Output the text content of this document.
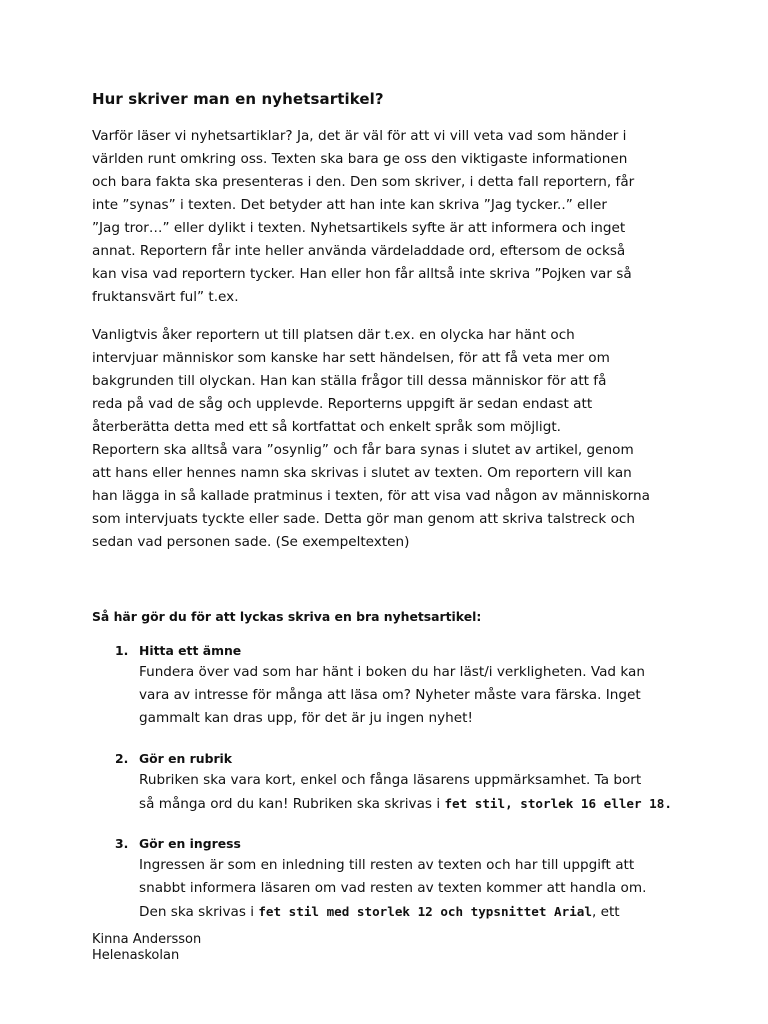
Hur skriver man en nyhetsartikel?

Varför läser vi nyhetsartiklar? Ja, det är väl för att vi vill veta vad som händer i
världen runt omkring oss. Texten ska bara ge oss den viktigaste informationen
och bara fakta ska presenteras i den. Den som skriver, i detta fall reportern, får
inte ”synas” i texten. Det betyder att han inte kan skriva ”Jag tycker..” eller
”Jag tror…” eller dylikt i texten. Nyhetsartikels syfte är att informera och inget
annat. Reportern får inte heller använda värdeladdade ord, eftersom de också
kan visa vad reportern tycker. Han eller hon får alltså inte skriva ”Pojken var så
fruktansvärt ful” t.ex.

Vanligtvis åker reportern ut till platsen där t.ex. en olycka har hänt och
intervjuar människor som kanske har sett händelsen, för att få veta mer om
bakgrunden till olyckan. Han kan ställa frågor till dessa människor för att få
reda på vad de såg och upplevde. Reporterns uppgift är sedan endast att
återberätta detta med ett så kortfattat och enkelt språk som möjligt.
Reportern ska alltså vara ”osynlig” och får bara synas i slutet av artikel, genom
att hans eller hennes namn ska skrivas i slutet av texten. Om reportern vill kan
han lägga in så kallade pratminus i texten, för att visa vad någon av människorna
som intervjuats tyckte eller sade. Detta gör man genom att skriva talstreck och
sedan vad personen sade. (Se exempeltexten)

Så här gör du för att lyckas skriva en bra nyhetsartikel:
1. Hitta ett ämne
Fundera över vad som har hänt i boken du har läst/i verkligheten. Vad kan
vara av intresse för många att läsa om? Nyheter måste vara färska. Inget
gammalt kan dras upp, för det är ju ingen nyhet!
2. Gör en rubrik
Rubriken ska vara kort, enkel och fånga läsarens uppmärksamhet. Ta bort
så många ord du kan! Rubriken ska skrivas i fet stil, storlek 16 eller 18.
3. Gör en ingress
Ingressen är som en inledning till resten av texten och har till uppgift att
snabbt informera läsaren om vad resten av texten kommer att handla om.
Den ska skrivas i fet stil med storlek 12 och typsnittet Arial, ett
Kinna Andersson
Helenaskolan
